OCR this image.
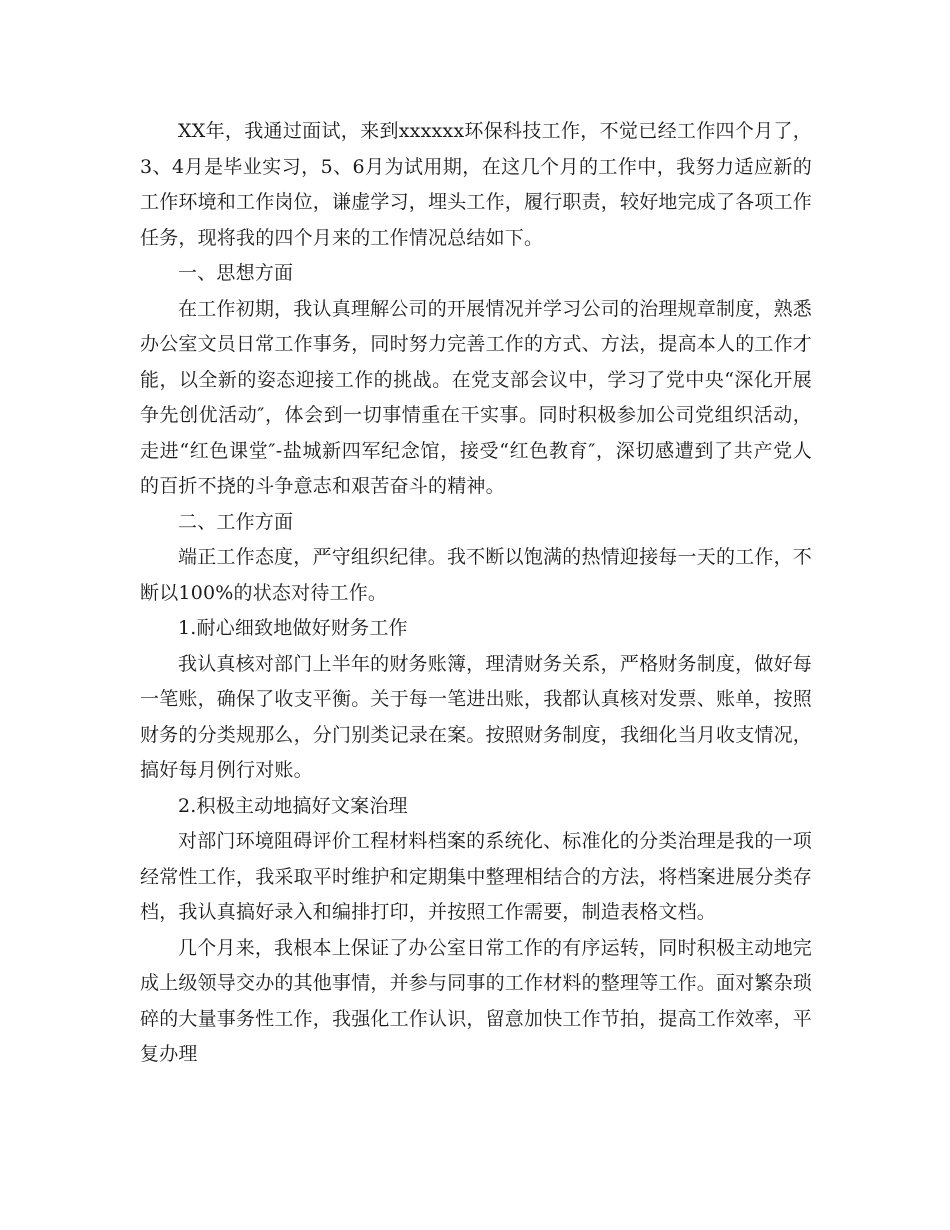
XX年，我通过面试，来到xxxxxx环保科技工作，不觉已经工作四个月了，3、4月是毕业实习，5、6月为试用期，在这几个月的工作中，我努力适应新的工作环境和工作岗位，谦虚学习，埋头工作，履行职责，较好地完成了各项工作任务，现将我的四个月来的工作情况总结如下。

一、思想方面

在工作初期，我认真理解公司的开展情况并学习公司的治理规章制度，熟悉办公室文员日常工作事务，同时努力完善工作的方式、方法，提高本人的工作才能，以全新的姿态迎接工作的挑战。在党支部会议中，学习了党中央“深化开展争先创优活动″，体会到一切事情重在干实事。同时积极参加公司党组织活动，走进“红色课堂″-盐城新四军纪念馆，接受“红色教育″，深切感遭到了共产党人的百折不挠的斗争意志和艰苦奋斗的精神。

二、工作方面

端正工作态度，严守组织纪律。我不断以饱满的热情迎接每一天的工作，不断以100%的状态对待工作。

1.耐心细致地做好财务工作

我认真核对部门上半年的财务账簿，理清财务关系，严格财务制度，做好每一笔账，确保了收支平衡。关于每一笔进出账，我都认真核对发票、账单，按照财务的分类规那么，分门别类记录在案。按照财务制度，我细化当月收支情况，搞好每月例行对账。

2.积极主动地搞好文案治理

对部门环境阻碍评价工程材料档案的系统化、标准化的分类治理是我的一项经常性工作，我采取平时维护和定期集中整理相结合的方法，将档案进展分类存档，我认真搞好录入和编排打印，并按照工作需要，制造表格文档。

几个月来，我根本上保证了办公室日常工作的有序运转，同时积极主动地完成上级领导交办的其他事情，并参与同事的工作材料的整理等工作。面对繁杂琐碎的大量事务性工作，我强化工作认识，留意加快工作节拍，提高工作效率，平复办理
